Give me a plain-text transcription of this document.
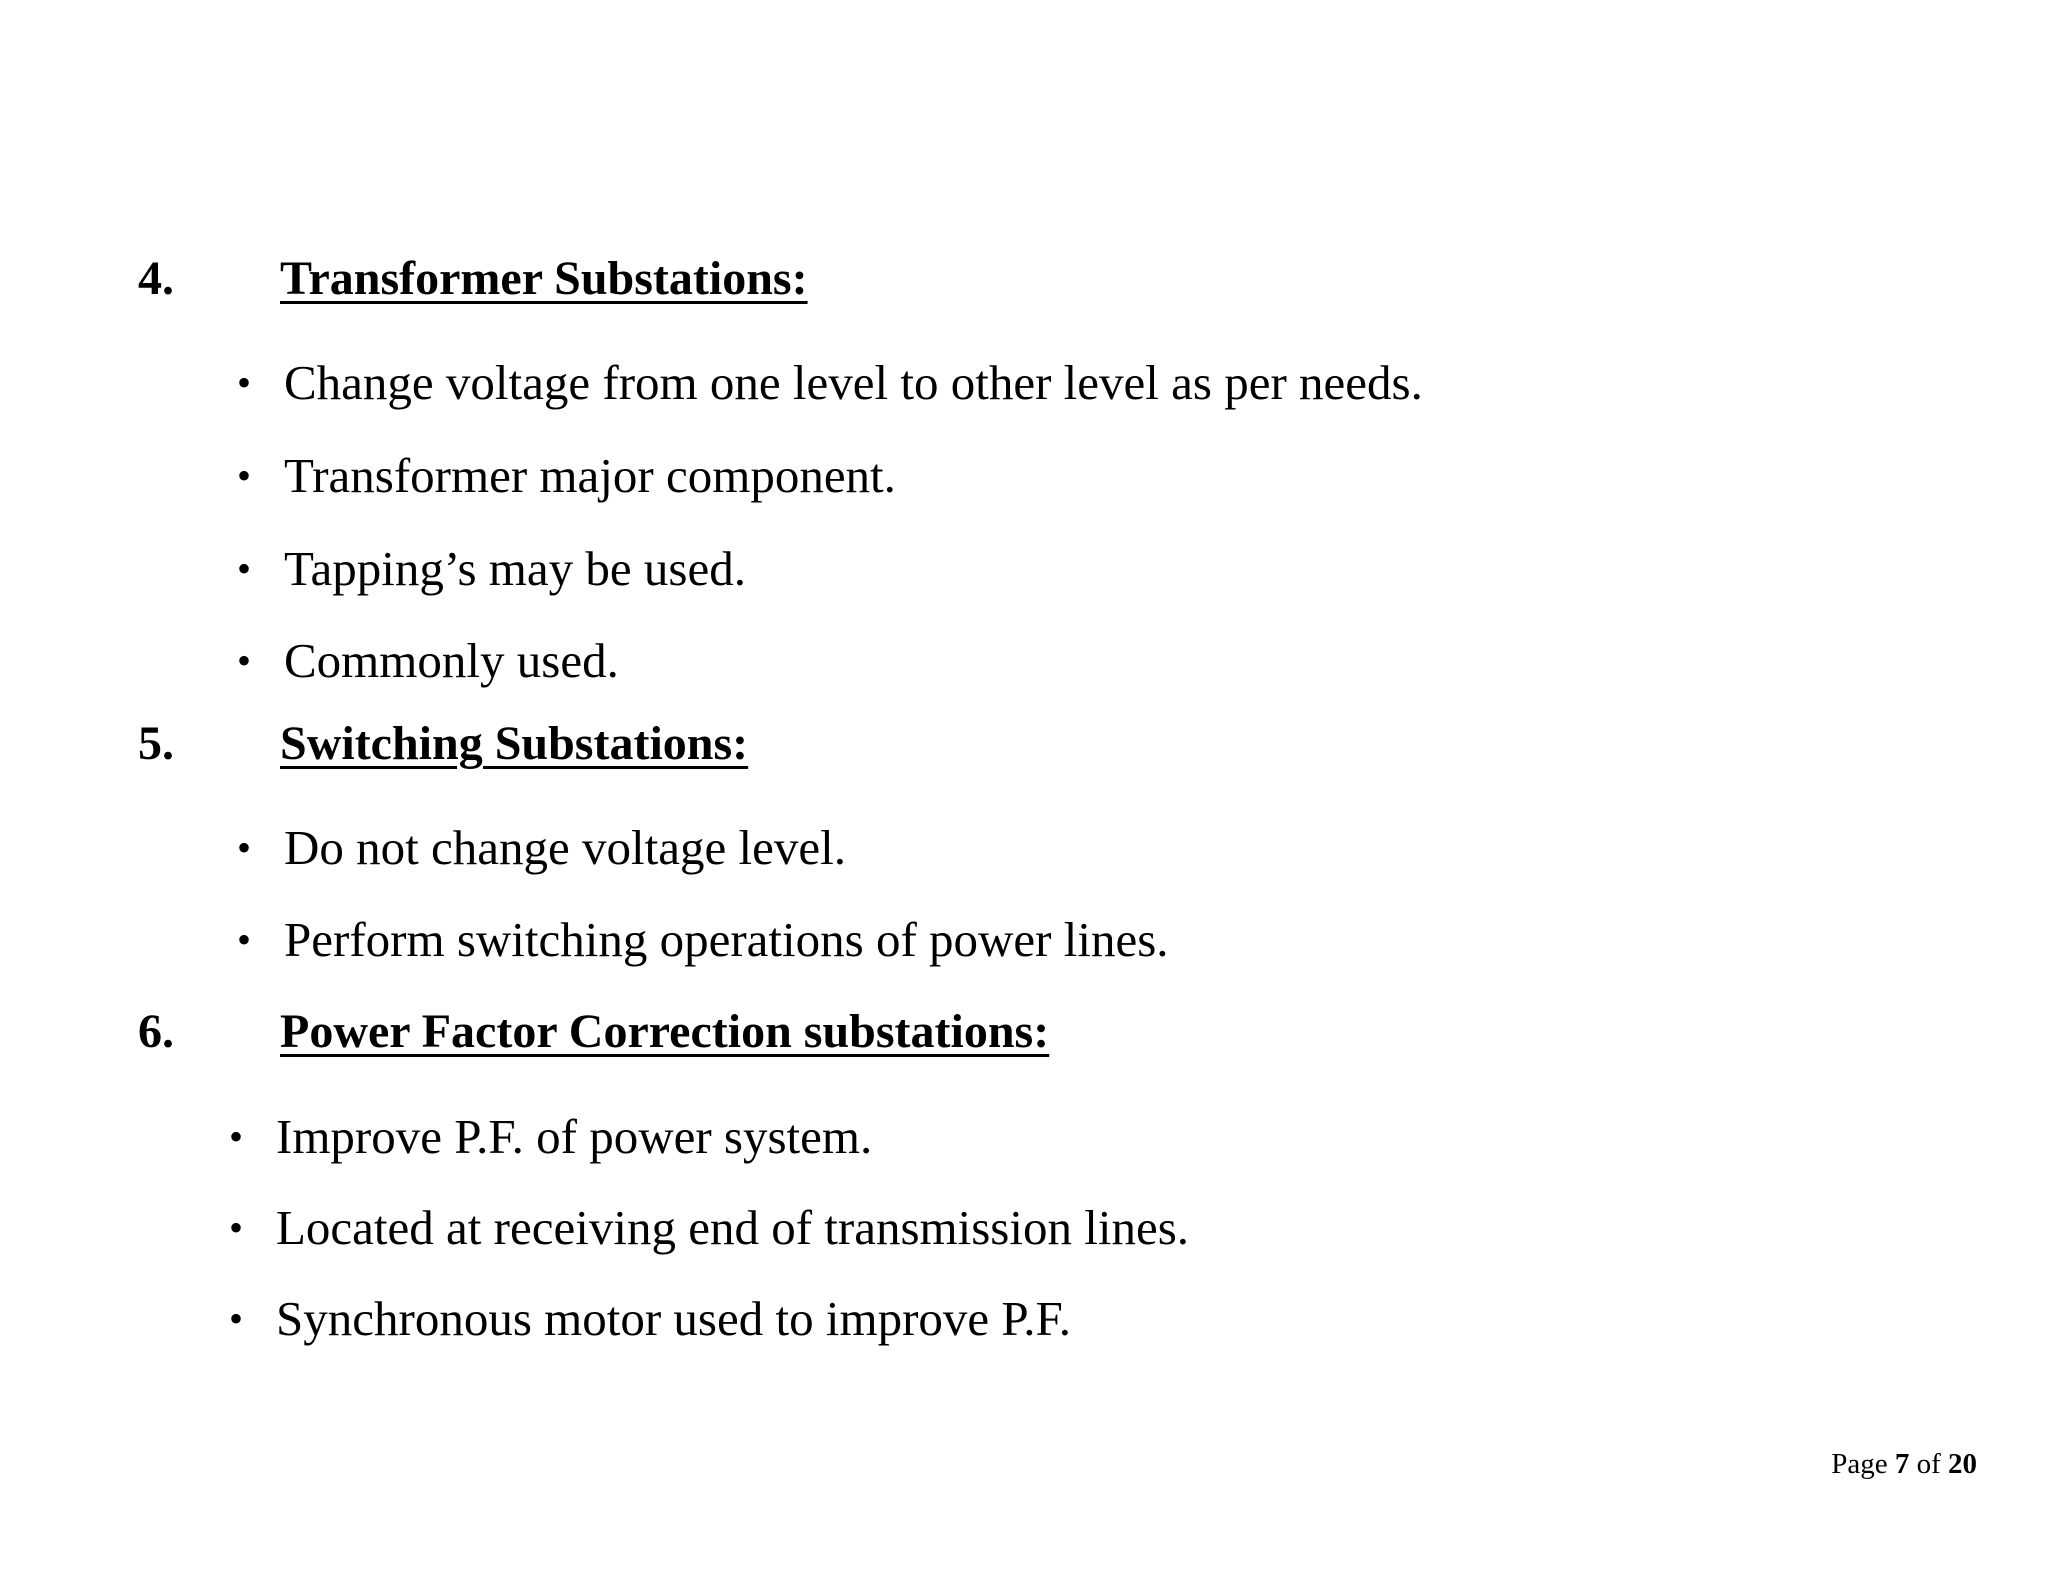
4. Transformer Substations:
• Change voltage from one level to other level as per needs.
• Transformer major component.
• Tapping’s may be used.
• Commonly used.
5. Switching Substations:
• Do not change voltage level.
• Perform switching operations of power lines.
6. Power Factor Correction substations:
• Improve P.F. of power system.
• Located at receiving end of transmission lines.
• Synchronous motor used to improve P.F.
Page 7 of 20
